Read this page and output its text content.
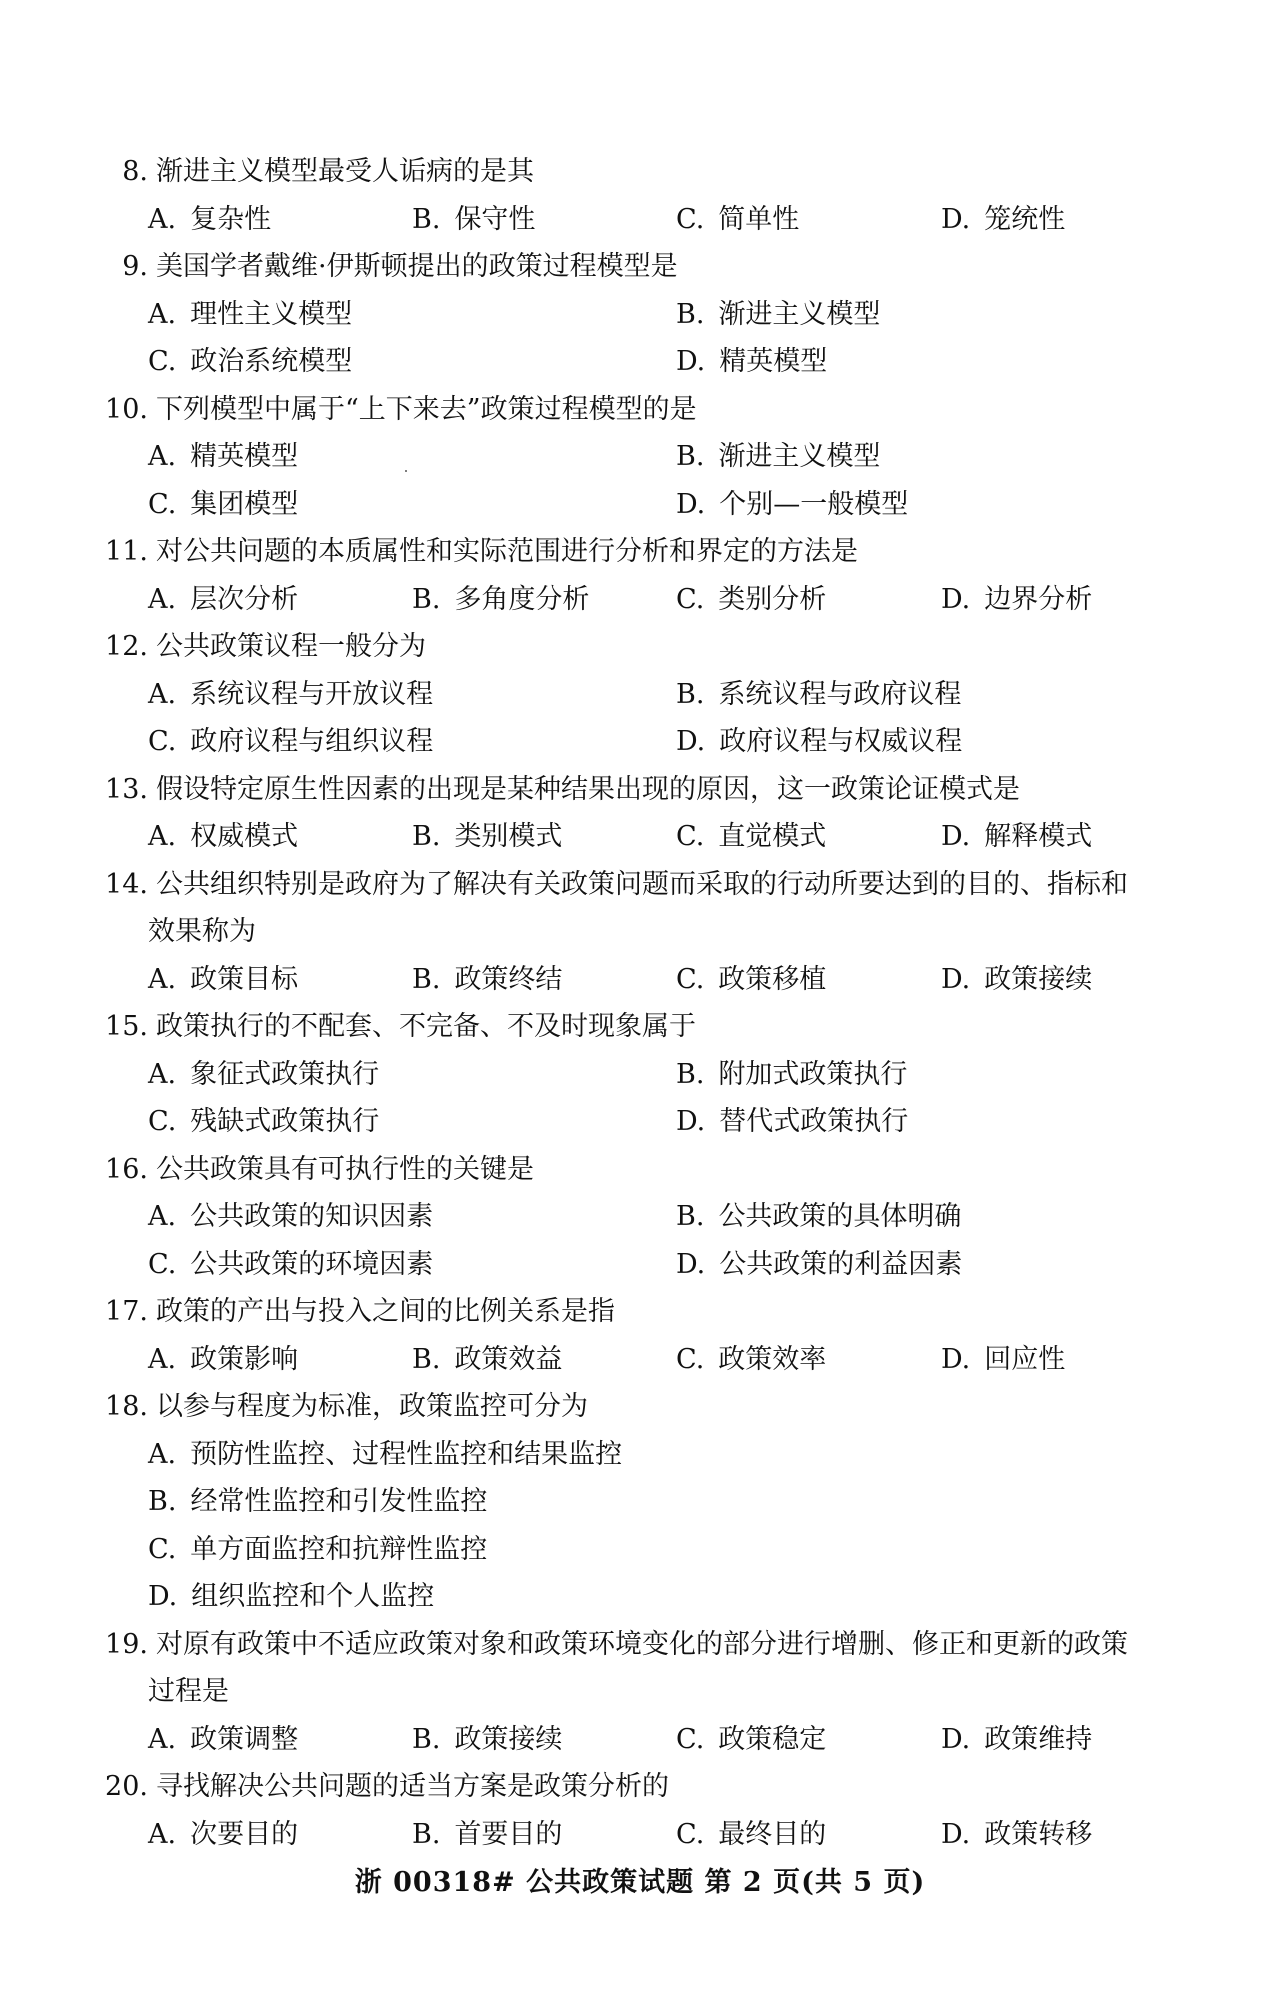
8. 渐进主义模型最受人诟病的是其
A. 复杂性	B. 保守性	C. 简单性	D. 笼统性
9. 美国学者戴维·伊斯顿提出的政策过程模型是
A. 理性主义模型	B. 渐进主义模型
C. 政治系统模型	D. 精英模型
10. 下列模型中属于“上下来去”政策过程模型的是
A. 精英模型	B. 渐进主义模型
C. 集团模型	D. 个别—一般模型
11. 对公共问题的本质属性和实际范围进行分析和界定的方法是
A. 层次分析	B. 多角度分析	C. 类别分析	D. 边界分析
12. 公共政策议程一般分为
A. 系统议程与开放议程	B. 系统议程与政府议程
C. 政府议程与组织议程	D. 政府议程与权威议程
13. 假设特定原生性因素的出现是某种结果出现的原因，这一政策论证模式是
A. 权威模式	B. 类别模式	C. 直觉模式	D. 解释模式
14. 公共组织特别是政府为了解决有关政策问题而采取的行动所要达到的目的、指标和
效果称为
A. 政策目标	B. 政策终结	C. 政策移植	D. 政策接续
15. 政策执行的不配套、不完备、不及时现象属于
A. 象征式政策执行	B. 附加式政策执行
C. 残缺式政策执行	D. 替代式政策执行
16. 公共政策具有可执行性的关键是
A. 公共政策的知识因素	B. 公共政策的具体明确
C. 公共政策的环境因素	D. 公共政策的利益因素
17. 政策的产出与投入之间的比例关系是指
A. 政策影响	B. 政策效益	C. 政策效率	D. 回应性
18. 以参与程度为标准，政策监控可分为
A. 预防性监控、过程性监控和结果监控
B. 经常性监控和引发性监控
C. 单方面监控和抗辩性监控
D. 组织监控和个人监控
19. 对原有政策中不适应政策对象和政策环境变化的部分进行增删、修正和更新的政策
过程是
A. 政策调整	B. 政策接续	C. 政策稳定	D. 政策维持
20. 寻找解决公共问题的适当方案是政策分析的
A. 次要目的	B. 首要目的	C. 最终目的	D. 政策转移
浙 00318# 公共政策试题 第 2 页(共 5 页)
